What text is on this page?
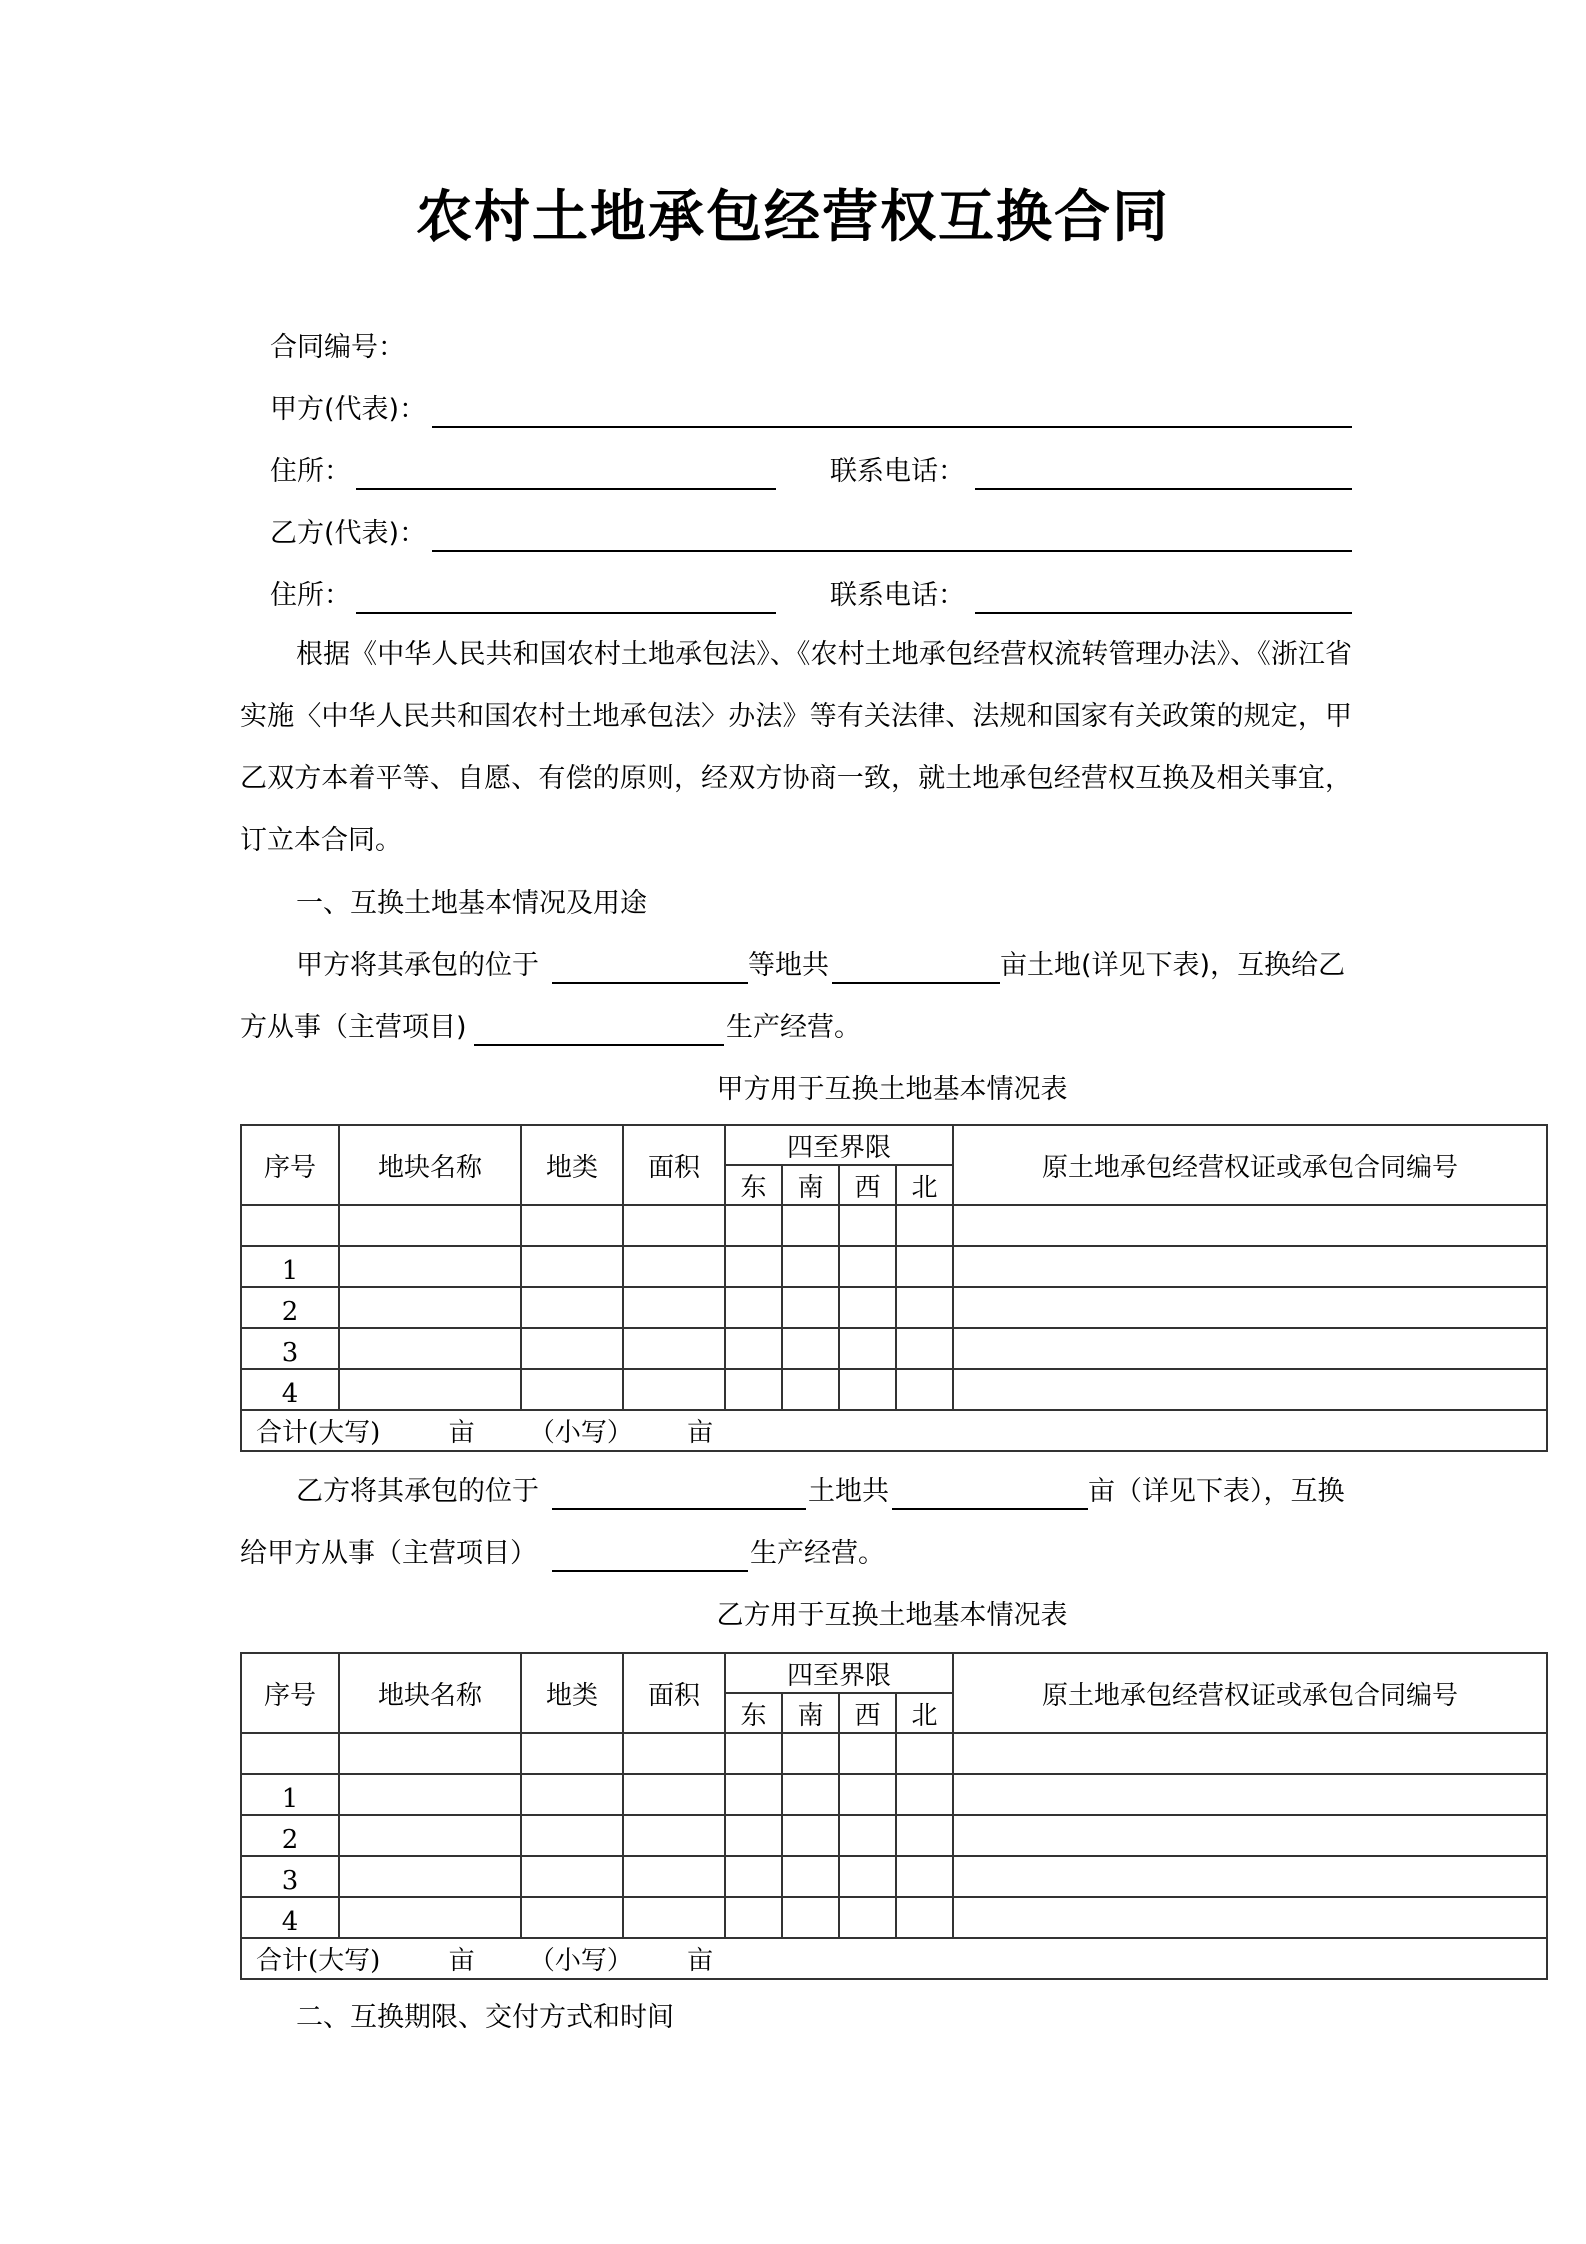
农村土地承包经营权互换合同
合同编号：
甲方(代表)：
住所：	联系电话：
乙方(代表)：
住所：	联系电话：
根据《中华人民共和国农村土地承包法》、《农村土地承包经营权流转管理办法》、《浙江省实施〈中华人民共和国农村土地承包法〉办法》等有关法律、法规和国家有关政策的规定，甲乙双方本着平等、自愿、有偿的原则，经双方协商一致，就土地承包经营权互换及相关事宜，订立本合同。
一、互换土地基本情况及用途
甲方将其承包的位于	等地共	亩土地(详见下表)，互换给乙
方从事（主营项目)	生产经营。
甲方用于互换土地基本情况表
序号	地块名称	地类	面积	四至界限				原土地承包经营权证或承包合同编号
				东	南	西	北	

1								
2								
3								
4								
合计(大写) 亩 （小写） 亩								
乙方将其承包的位于	土地共	亩（详见下表），互换
给甲方从事（主营项目）	生产经营。
乙方用于互换土地基本情况表
序号	地块名称	地类	面积	四至界限				原土地承包经营权证或承包合同编号
				东	南	西	北	

1								
2								
3								
4								
合计(大写) 亩 （小写） 亩								
二、互换期限、交付方式和时间
